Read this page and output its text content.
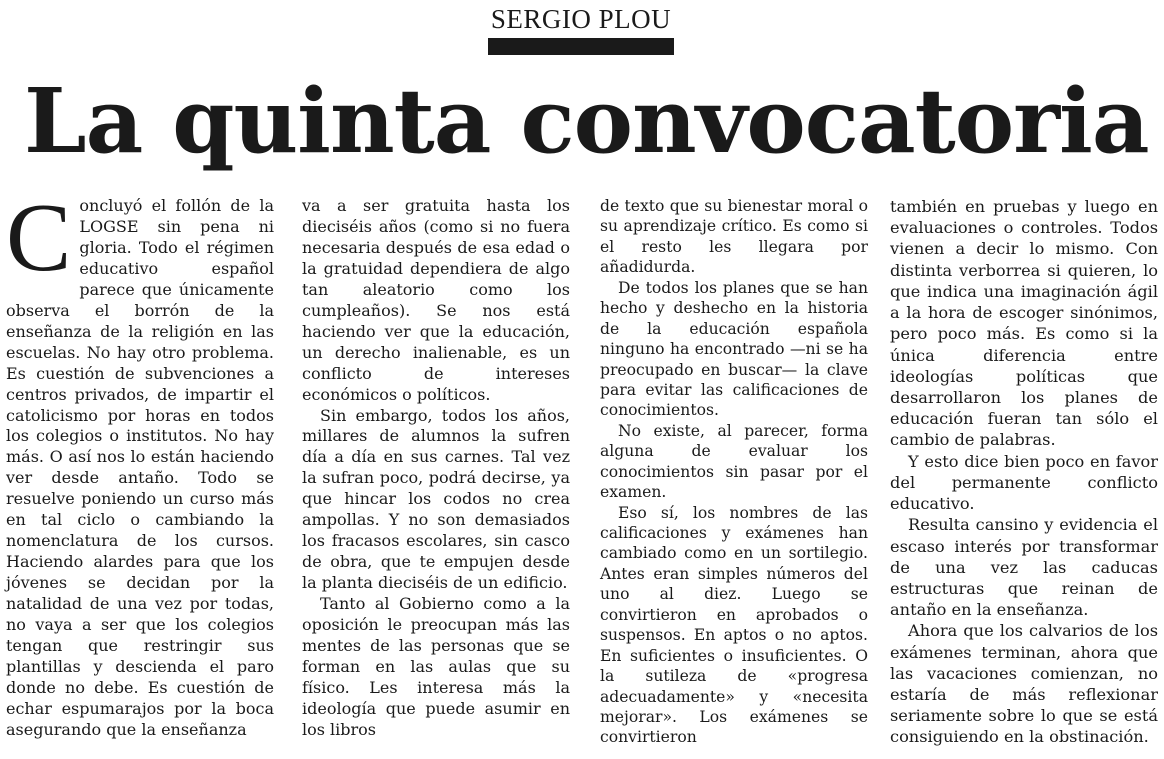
SERGIO PLOU
La quinta convocatoria

Concluyó el follón de la LOGSE sin pena ni gloria. Todo el régimen educativo español parece que únicamente observa el borrón de la enseñanza de la religión en las escuelas. No hay otro problema. Es cuestión de subvenciones a centros privados, de impartir el catolicismo por horas en todos los colegios o institutos. No hay más. O así nos lo están haciendo ver desde antaño. Todo se resuelve poniendo un curso más en tal ciclo o cambiando la nomenclatura de los cursos. Haciendo alardes para que los jóvenes se decidan por la natalidad de una vez por todas, no vaya a ser que los colegios tengan que restringir sus plantillas y descienda el paro donde no debe. Es cuestión de echar espumarajos por la boca asegurando que la enseñanza

va a ser gratuita hasta los dieciséis años (como si no fuera necesaria después de esa edad o la gratuidad dependiera de algo tan aleatorio como los cumpleaños). Se nos está haciendo ver que la educación, un derecho inalienable, es un conflicto de intereses económicos o políticos.

Sin embargo, todos los años, millares de alumnos la sufren día a día en sus carnes. Tal vez la sufran poco, podrá decirse, ya que hincar los codos no crea ampollas. Y no son demasiados los fracasos escolares, sin casco de obra, que te empujen desde la planta dieciséis de un edificio.

Tanto al Gobierno como a la oposición le preocupan más las mentes de las personas que se forman en las aulas que su físico. Les interesa más la ideología que puede asumir en los libros

de texto que su bienestar moral o su aprendizaje crítico. Es como si el resto les llegara por añadidurda.

De todos los planes que se han hecho y deshecho en la historia de la educación española ninguno ha encontrado —ni se ha preocupado en buscar— la clave para evitar las calificaciones de conocimientos.

No existe, al parecer, forma alguna de evaluar los conocimientos sin pasar por el examen.

Eso sí, los nombres de las calificaciones y exámenes han cambiado como en un sortilegio. Antes eran simples números del uno al diez. Luego se convirtieron en aprobados o suspensos. En aptos o no aptos. En suficientes o insuficientes. O la sutileza de «progresa adecuadamente» y «necesita mejorar». Los exámenes se convirtieron

también en pruebas y luego en evaluaciones o controles. Todos vienen a decir lo mismo. Con distinta verborrea si quieren, lo que indica una imaginación ágil a la hora de escoger sinónimos, pero poco más. Es como si la única diferencia entre ideologías políticas que desarrollaron los planes de educación fueran tan sólo el cambio de palabras.

Y esto dice bien poco en favor del permanente conflicto educativo.

Resulta cansino y evidencia el escaso interés por transformar de una vez las caducas estructuras que reinan de antaño en la enseñanza.

Ahora que los calvarios de los exámenes terminan, ahora que las vacaciones comienzan, no estaría de más reflexionar seriamente sobre lo que se está consiguiendo en la obstinación.
